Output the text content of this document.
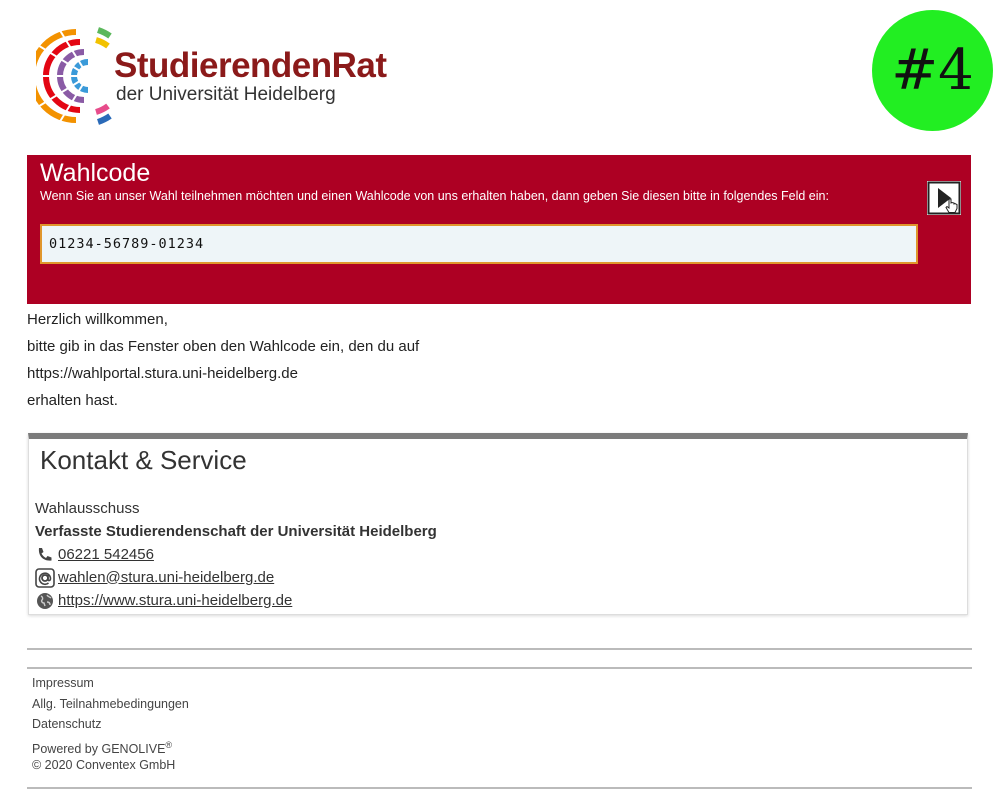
StudierendenRat
der Universität Heidelberg	#4
Wahlcode
Wenn Sie an unser Wahl teilnehmen möchten und einen Wahlcode von uns erhalten haben, dann geben Sie diesen bitte in folgendes Feld ein:
01234-56789-01234
Herzlich willkommen,
bitte gib in das Fenster oben den Wahlcode ein, den du auf
https://wahlportal.stura.uni-heidelberg.de
erhalten hast.
Kontakt & Service
Wahlausschuss
Verfasste Studierendenschaft der Universität Heidelberg
06221 542456
wahlen@stura.uni-heidelberg.de
https://www.stura.uni-heidelberg.de
Impressum
Allg. Teilnahmebedingungen
Datenschutz
Powered by GENOLIVE®
© 2020 Conventex GmbH
